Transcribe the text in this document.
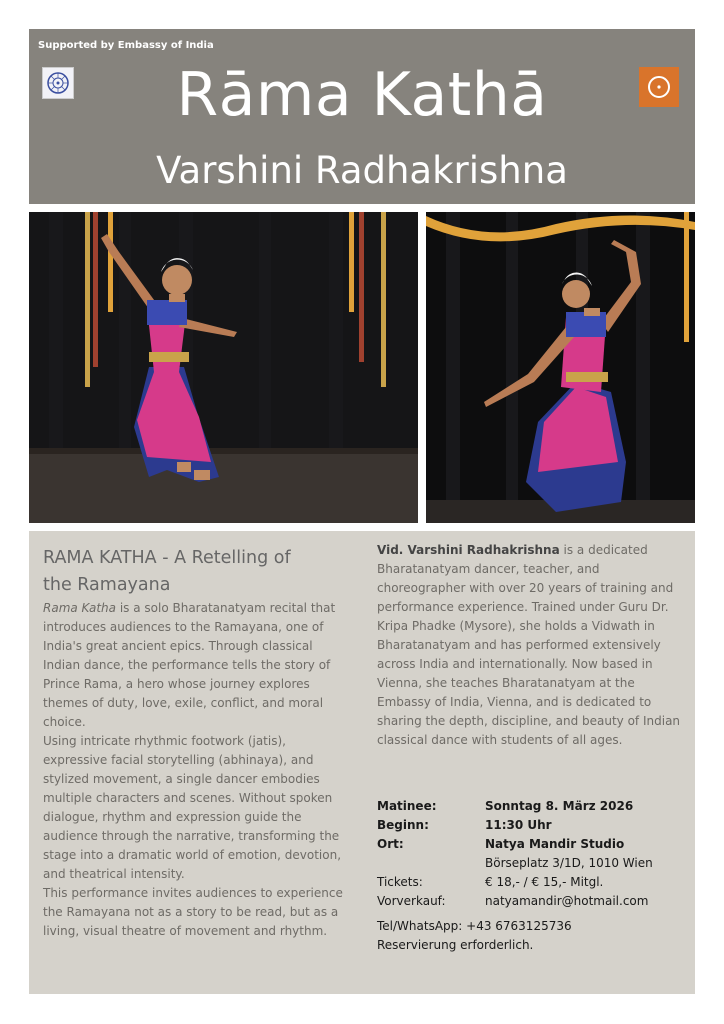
Supported by Embassy of India
Rāma Kathā
Varshini Radhakrishna

RAMA KATHA - A Retelling of
the Ramayana

Rama Katha is a solo Bharatanatyam recital that introduces audiences to the Ramayana, one of India's great ancient epics. Through classical Indian dance, the performance tells the story of Prince Rama, a hero whose journey explores themes of duty, love, exile, conflict, and moral choice.

Using intricate rhythmic footwork (jatis), expressive facial storytelling (abhinaya), and stylized movement, a single dancer embodies multiple characters and scenes. Without spoken dialogue, rhythm and expression guide the audience through the narrative, transforming the stage into a dramatic world of emotion, devotion, and theatrical intensity.

This performance invites audiences to experience the Ramayana not as a story to be read, but as a living, visual theatre of movement and rhythm.

Vid. Varshini Radhakrishna is a dedicated Bharatanatyam dancer, teacher, and choreographer with over 20 years of training and performance experience. Trained under Guru Dr. Kripa Phadke (Mysore), she holds a Vidwath in Bharatanatyam and has performed extensively across India and internationally. Now based in Vienna, she teaches Bharatanatyam at the Embassy of India, Vienna, and is dedicated to sharing the depth, discipline, and beauty of Indian classical dance with students of all ages.

Matinee:	Sonntag 8. März 2026
Beginn:	11:30 Uhr
Ort:	Natya Mandir Studio
Börseplatz 3/1D, 1010 Wien
Tickets:	€ 18,- / € 15,- Mitgl.
Vorverkauf:	natyamandir@hotmail.com
Tel/WhatsApp: +43 6763125736
Reservierung erforderlich.
